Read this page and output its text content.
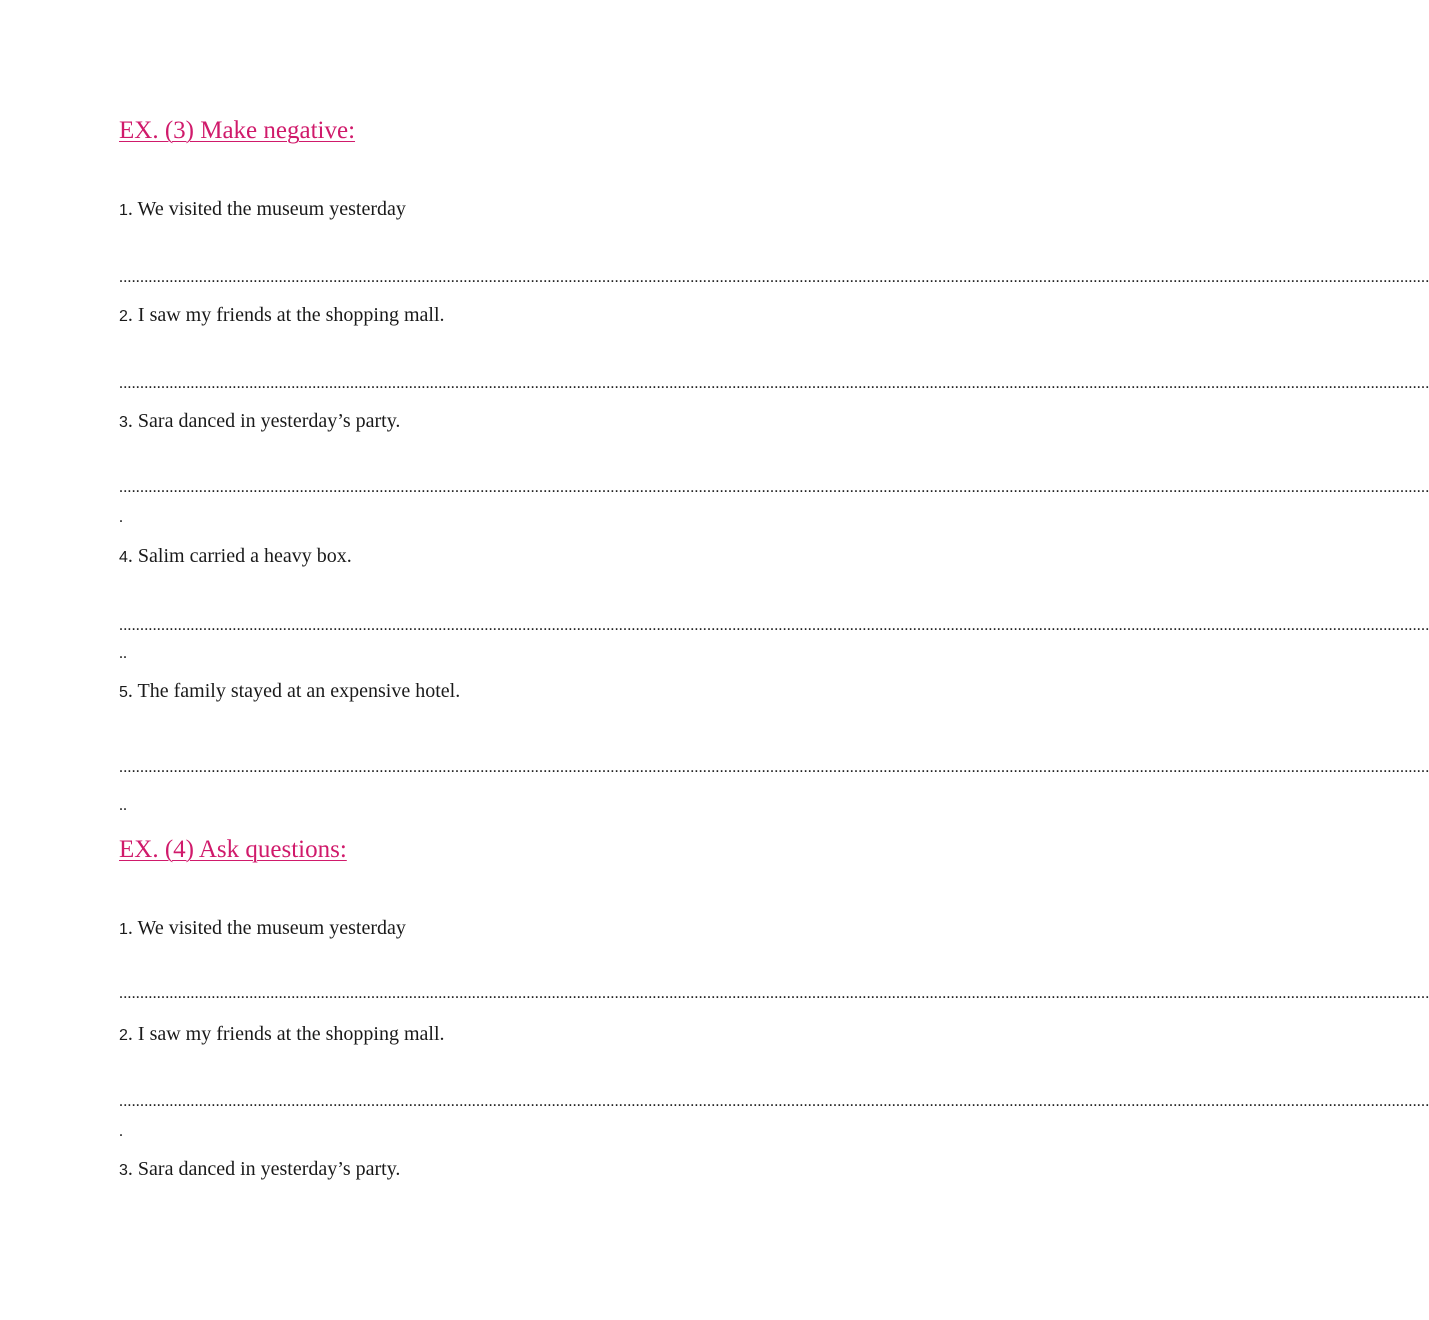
EX. (3) Make negative:
1. We visited the museum yesterday
........................................................................................................................................................................................................................................................................................................................
2. I saw my friends at the shopping mall.
........................................................................................................................................................................................................................................................................................................................
3. Sara danced in yesterday’s party.
........................................................................................................................................................................................................................................................................................................................
.
4. Salim carried a heavy box.
........................................................................................................................................................................................................................................................................................................................
..
5. The family stayed at an expensive hotel.
........................................................................................................................................................................................................................................................................................................................
..
EX. (4) Ask questions:
1. We visited the museum yesterday
........................................................................................................................................................................................................................................................................................................................
2. I saw my friends at the shopping mall.
........................................................................................................................................................................................................................................................................................................................
.
3. Sara danced in yesterday’s party.
